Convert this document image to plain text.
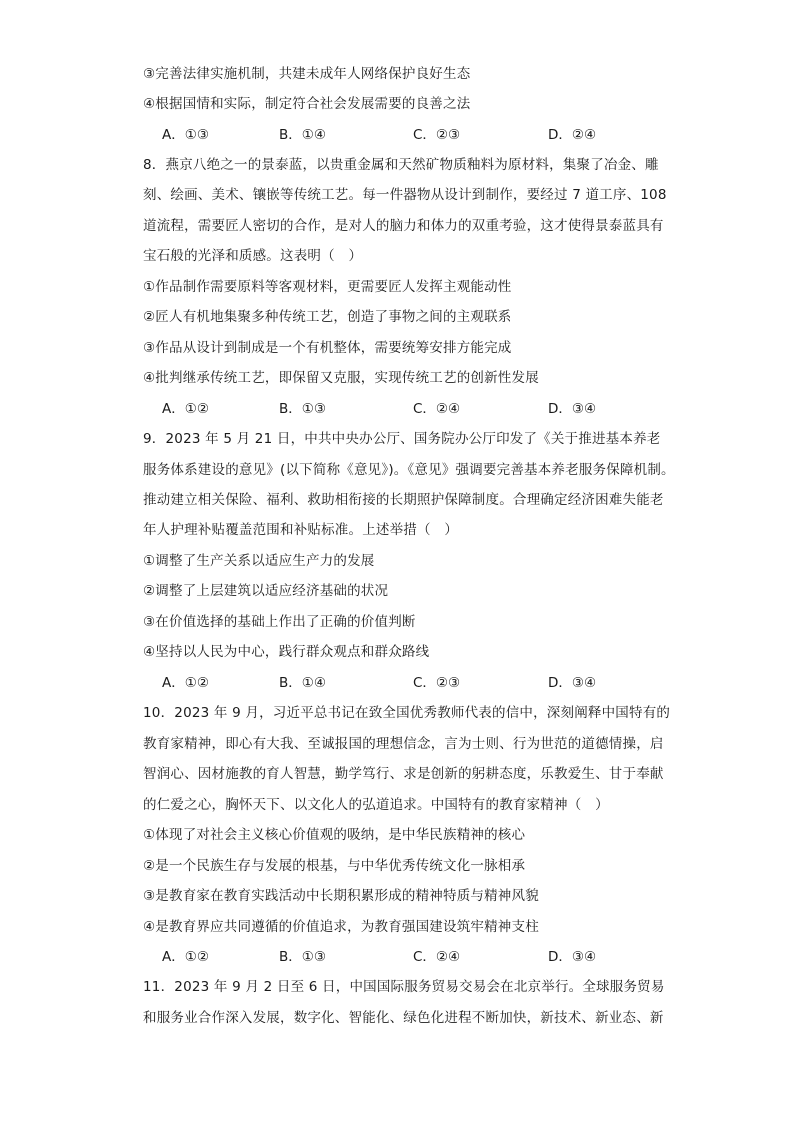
③完善法律实施机制，共建未成年人网络保护良好生态
④根据国情和实际，制定符合社会发展需要的良善之法
A．①③	B．①④	C．②③	D．②④
8．燕京八绝之一的景泰蓝，以贵重金属和天然矿物质釉料为原材料，集聚了冶金、雕
刻、绘画、美术、镶嵌等传统工艺。每一件器物从设计到制作，要经过 7 道工序、108
道流程，需要匠人密切的合作，是对人的脑力和体力的双重考验，这才使得景泰蓝具有
宝石般的光泽和质感。这表明（　）
①作品制作需要原料等客观材料，更需要匠人发挥主观能动性
②匠人有机地集聚多种传统工艺，创造了事物之间的主观联系
③作品从设计到制成是一个有机整体，需要统筹安排方能完成
④批判继承传统工艺，即保留又克服，实现传统工艺的创新性发展
A．①②	B．①③	C．②④	D．③④
9．2023 年 5 月 21 日，中共中央办公厅、国务院办公厅印发了《关于推进基本养老
服务体系建设的意见》(以下简称《意见》)。《意见》强调要完善基本养老服务保障机制。
推动建立相关保险、福利、救助相衔接的长期照护保障制度。合理确定经济困难失能老
年人护理补贴覆盖范围和补贴标准。上述举措（　）
①调整了生产关系以适应生产力的发展
②调整了上层建筑以适应经济基础的状况
③在价值选择的基础上作出了正确的价值判断
④坚持以人民为中心，践行群众观点和群众路线
A．①②	B．①④	C．②③	D．③④
10．2023 年 9 月，习近平总书记在致全国优秀教师代表的信中，深刻阐释中国特有的
教育家精神，即心有大我、至诚报国的理想信念，言为士则、行为世范的道德情操，启
智润心、因材施教的育人智慧，勤学笃行、求是创新的躬耕态度，乐教爱生、甘于奉献
的仁爱之心，胸怀天下、以文化人的弘道追求。中国特有的教育家精神（　）
①体现了对社会主义核心价值观的吸纳，是中华民族精神的核心
②是一个民族生存与发展的根基，与中华优秀传统文化一脉相承
③是教育家在教育实践活动中长期积累形成的精神特质与精神风貌
④是教育界应共同遵循的价值追求，为教育强国建设筑牢精神支柱
A．①②	B．①③	C．②④	D．③④
11．2023 年 9 月 2 日至 6 日，中国国际服务贸易交易会在北京举行。全球服务贸易
和服务业合作深入发展，数字化、智能化、绿色化进程不断加快，新技术、新业态、新
